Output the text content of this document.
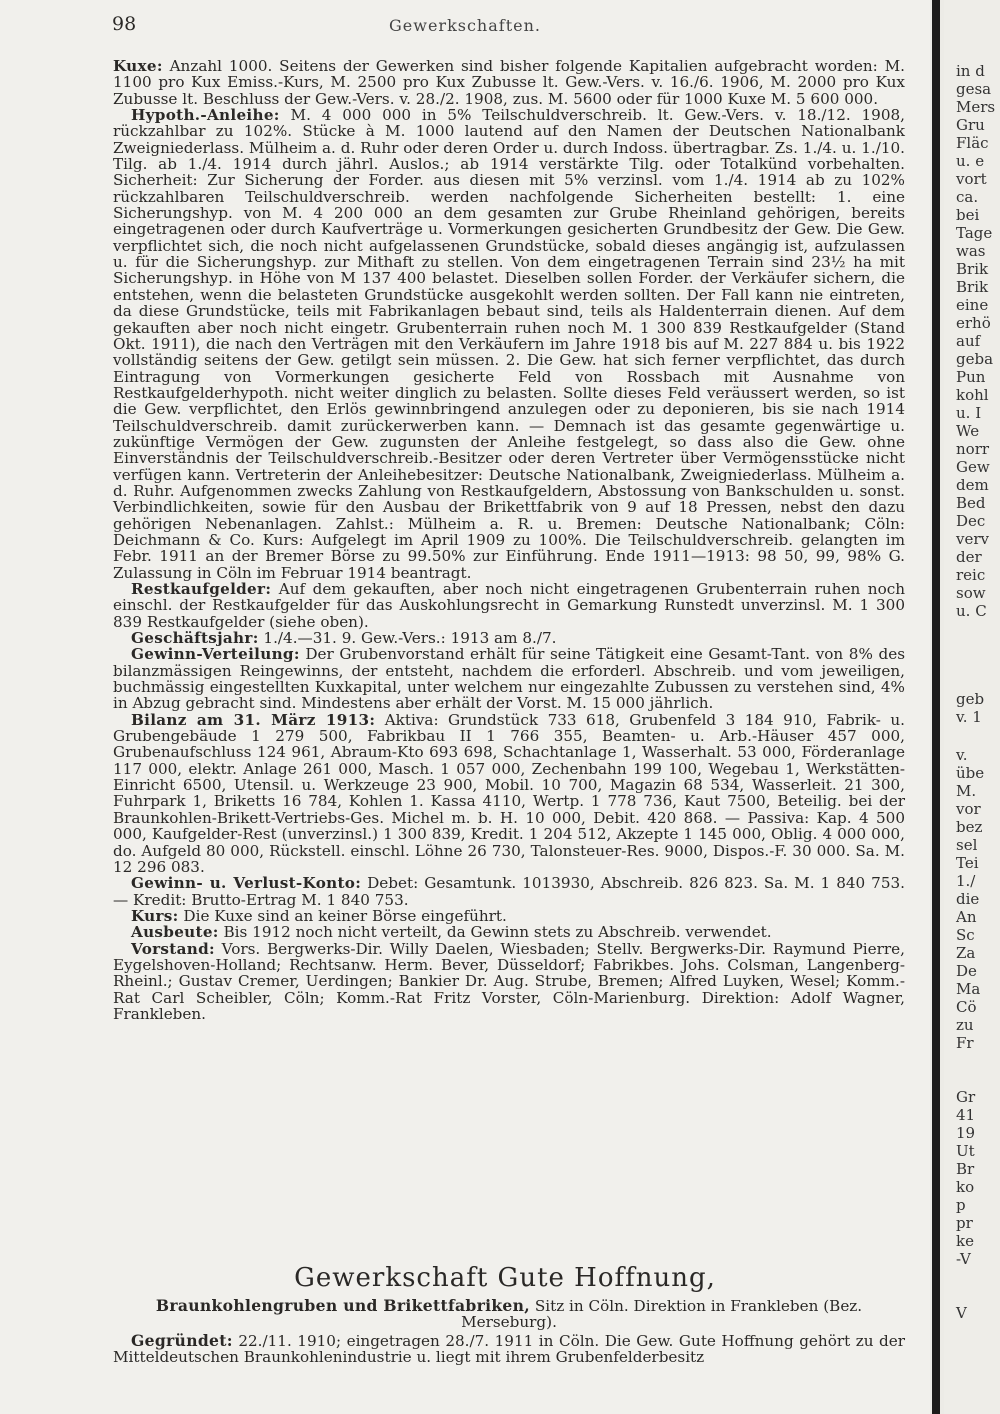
98	Gewerkschaften.

Kuxe: Anzahl 1000. Seitens der Gewerken sind bisher folgende Kapitalien aufgebracht worden: M. 1100 pro Kux Emiss.-Kurs, M. 2500 pro Kux Zubusse lt. Gew.-Vers. v. 16./6. 1906, M. 2000 pro Kux Zubusse lt. Beschluss der Gew.-Vers. v. 28./2. 1908, zus. M. 5600 oder für 1000 Kuxe M. 5 600 000.

Hypoth.-Anleihe: M. 4 000 000 in 5% Teilschuldverschreib. lt. Gew.-Vers. v. 18./12. 1908, rückzahlbar zu 102%. Stücke à M. 1000 lautend auf den Namen der Deutschen Nationalbank Zweigniederlass. Mülheim a. d. Ruhr oder deren Order u. durch Indoss. übertragbar. Zs. 1./4. u. 1./10. Tilg. ab 1./4. 1914 durch jährl. Auslos.; ab 1914 verstärkte Tilg. oder Totalkünd vorbehalten. Sicherheit: Zur Sicherung der Forder. aus diesen mit 5% verzinsl. vom 1./4. 1914 ab zu 102% rückzahlbaren Teilschuldverschreib. werden nachfolgende Sicherheiten bestellt: 1. eine Sicherungshyp. von M. 4 200 000 an dem gesamten zur Grube Rheinland gehörigen, bereits eingetragenen oder durch Kaufverträge u. Vormerkungen gesicherten Grundbesitz der Gew. Die Gew. verpflichtet sich, die noch nicht aufgelassenen Grundstücke, sobald dieses angängig ist, aufzulassen u. für die Sicherungshyp. zur Mithaft zu stellen. Von dem eingetragenen Terrain sind 23½ ha mit Sicherungshyp. in Höhe von M 137 400 belastet. Dieselben sollen Forder. der Verkäufer sichern, die entstehen, wenn die belasteten Grundstücke ausgekohlt werden sollten. Der Fall kann nie eintreten, da diese Grundstücke, teils mit Fabrikanlagen bebaut sind, teils als Haldenterrain dienen. Auf dem gekauften aber noch nicht eingetr. Grubenterrain ruhen noch M. 1 300 839 Restkaufgelder (Stand Okt. 1911), die nach den Verträgen mit den Verkäufern im Jahre 1918 bis auf M. 227 884 u. bis 1922 vollständig seitens der Gew. getilgt sein müssen. 2. Die Gew. hat sich ferner verpflichtet, das durch Eintragung von Vormerkungen gesicherte Feld von Rossbach mit Ausnahme von Restkaufgelderhypoth. nicht weiter dinglich zu belasten. Sollte dieses Feld veräussert werden, so ist die Gew. verpflichtet, den Erlös gewinnbringend anzulegen oder zu deponieren, bis sie nach 1914 Teilschuldverschreib. damit zurückerwerben kann. — Demnach ist das gesamte gegenwärtige u. zukünftige Vermögen der Gew. zugunsten der Anleihe festgelegt, so dass also die Gew. ohne Einverständnis der Teilschuldverschreib.-Besitzer oder deren Vertreter über Vermögensstücke nicht verfügen kann. Vertreterin der Anleihebesitzer: Deutsche Nationalbank, Zweigniederlass. Mülheim a. d. Ruhr. Aufgenommen zwecks Zahlung von Restkaufgeldern, Abstossung von Bankschulden u. sonst. Verbindlichkeiten, sowie für den Ausbau der Brikettfabrik von 9 auf 18 Pressen, nebst den dazu gehörigen Nebenanlagen. Zahlst.: Mülheim a. R. u. Bremen: Deutsche Nationalbank; Cöln: Deichmann & Co. Kurs: Aufgelegt im April 1909 zu 100%. Die Teilschuldverschreib. gelangten im Febr. 1911 an der Bremer Börse zu 99.50% zur Einführung. Ende 1911—1913: 98 50, 99, 98% G. Zulassung in Cöln im Februar 1914 beantragt.

Restkaufgelder: Auf dem gekauften, aber noch nicht eingetragenen Grubenterrain ruhen noch einschl. der Restkaufgelder für das Auskohlungsrecht in Gemarkung Runstedt unverzinsl. M. 1 300 839 Restkaufgelder (siehe oben).

Geschäftsjahr: 1./4.—31. 9. Gew.-Vers.: 1913 am 8./7.

Gewinn-Verteilung: Der Grubenvorstand erhält für seine Tätigkeit eine Gesamt-Tant. von 8% des bilanzmässigen Reingewinns, der entsteht, nachdem die erforderl. Abschreib. und vom jeweiligen, buchmässig eingestellten Kuxkapital, unter welchem nur eingezahlte Zubussen zu verstehen sind, 4% in Abzug gebracht sind. Mindestens aber erhält der Vorst. M. 15 000 jährlich.

Bilanz am 31. März 1913: Aktiva: Grundstück 733 618, Grubenfeld 3 184 910, Fabrik- u. Grubengebäude 1 279 500, Fabrikbau II 1 766 355, Beamten- u. Arb.-Häuser 457 000, Grubenaufschluss 124 961, Abraum-Kto 693 698, Schachtanlage 1, Wasserhalt. 53 000, Förderanlage 117 000, elektr. Anlage 261 000, Masch. 1 057 000, Zechenbahn 199 100, Wegebau 1, Werkstätten-Einricht 6500, Utensil. u. Werkzeuge 23 900, Mobil. 10 700, Magazin 68 534, Wasserleit. 21 300, Fuhrpark 1, Briketts 16 784, Kohlen 1. Kassa 4110, Wertp. 1 778 736, Kaut 7500, Beteilig. bei der Braunkohlen-Brikett-Vertriebs-Ges. Michel m. b. H. 10 000, Debit. 420 868. — Passiva: Kap. 4 500 000, Kaufgelder-Rest (unverzinsl.) 1 300 839, Kredit. 1 204 512, Akzepte 1 145 000, Oblig. 4 000 000, do. Aufgeld 80 000, Rückstell. einschl. Löhne 26 730, Talonsteuer-Res. 9000, Dispos.-F. 30 000. Sa. M. 12 296 083.

Gewinn- u. Verlust-Konto: Debet: Gesamtunk. 1013930, Abschreib. 826 823. Sa. M. 1 840 753. — Kredit: Brutto-Ertrag M. 1 840 753.

Kurs: Die Kuxe sind an keiner Börse eingeführt.

Ausbeute: Bis 1912 noch nicht verteilt, da Gewinn stets zu Abschreib. verwendet.

Vorstand: Vors. Bergwerks-Dir. Willy Daelen, Wiesbaden; Stellv. Bergwerks-Dir. Raymund Pierre, Eygelshoven-Holland; Rechtsanw. Herm. Bever, Düsseldorf; Fabrikbes. Johs. Colsman, Langenberg-Rheinl.; Gustav Cremer, Uerdingen; Bankier Dr. Aug. Strube, Bremen; Alfred Luyken, Wesel; Komm.-Rat Carl Scheibler, Cöln; Komm.-Rat Fritz Vorster, Cöln-Marienburg. Direktion: Adolf Wagner, Frankleben.

Gewerkschaft Gute Hoffnung,

Braunkohlengruben und Brikettfabriken, Sitz in Cöln. Direktion in Frankleben (Bez. Merseburg).

Gegründet: 22./11. 1910; eingetragen 28./7. 1911 in Cöln. Die Gew. Gute Hoffnung gehört zu der Mitteldeutschen Braunkohlenindustrie u. liegt mit ihrem Grubenfelderbesitz

in d
gesa
Mers
Gru
Fläc
u. e
vort
ca.
bei
Tage
was
Brik
Brik
eine
erhö
auf
geba
Pun
kohl
u. I
We
norr
Gew
dem
Bed
Dec
verv
der
reic
sow
u. C
geb
v. 1
v.
übe
M.
vor
bez
sel
Tei
1./
die
An
Sc
Za
De
Ma
Cö
zu
Fr
Gr
41
19
Ut
Br
ko
p
pr
ke
-V
V
